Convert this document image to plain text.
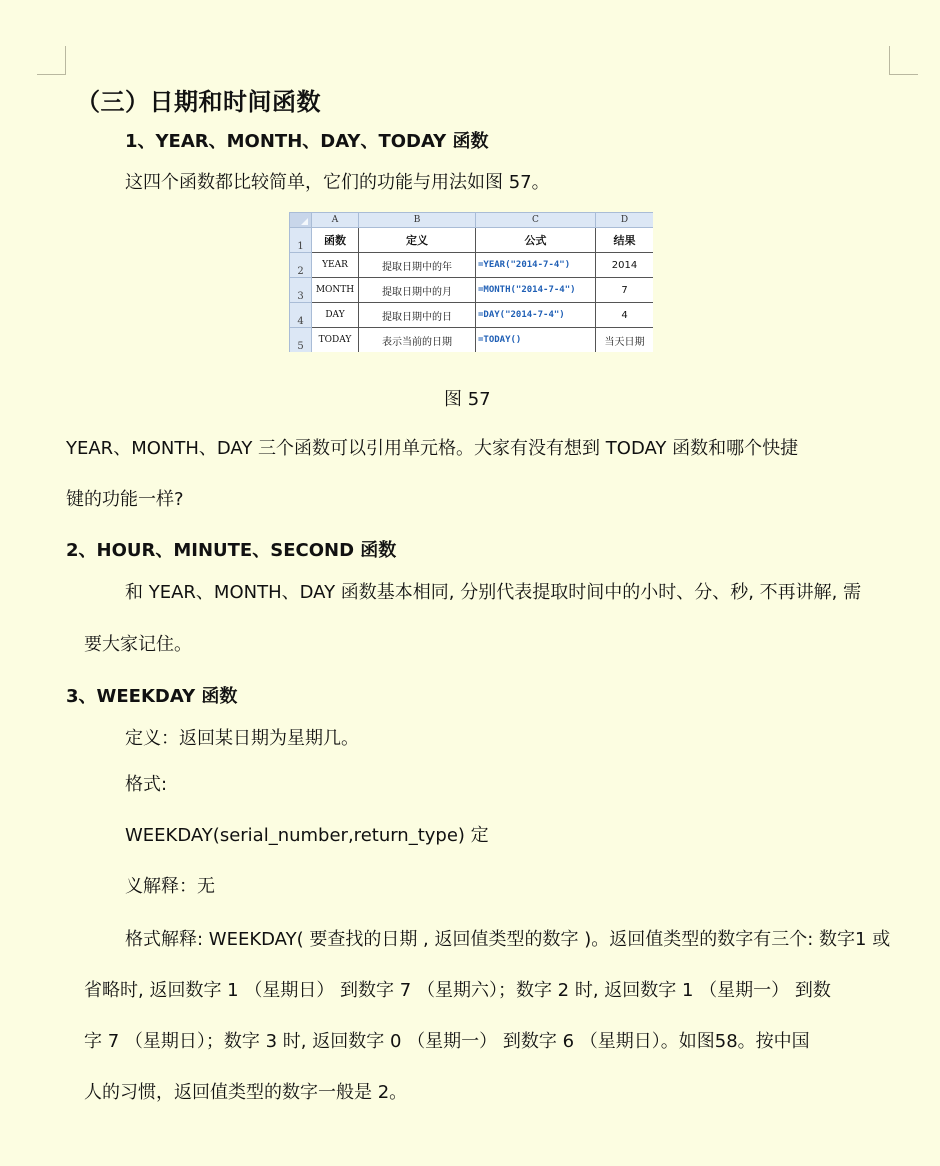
（三）日期和时间函数
1、YEAR、MONTH、DAY、TODAY 函数
这四个函数都比较简单，它们的功能与用法如图 57。
	A	B	C	D
1	函数	定义	公式	结果
2	YEAR	提取日期中的年	=YEAR("2014-7-4")	2014
3	MONTH	提取日期中的月	=MONTH("2014-7-4")	7
4	DAY	提取日期中的日	=DAY("2014-7-4")	4
5	TODAY	表示当前的日期	=TODAY()	当天日期
图 57
YEAR、MONTH、DAY 三个函数可以引用单元格。大家有没有想到 TODAY 函数和哪个快捷
键的功能一样?
2、HOUR、MINUTE、SECOND 函数
和 YEAR、MONTH、DAY 函数基本相同, 分别代表提取时间中的小时、分、秒, 不再讲解, 需
要大家记住。
3、WEEKDAY 函数
定义：返回某日期为星期几。
格式:
WEEKDAY(serial_number,return_type) 定
义解释：无
格式解释: WEEKDAY( 要查找的日期 , 返回值类型的数字 )。返回值类型的数字有三个: 数字1 或
省略时, 返回数字 1 （星期日） 到数字 7 （星期六）；数字 2 时, 返回数字 1 （星期一） 到数
字 7 （星期日）；数字 3 时, 返回数字 0 （星期一） 到数字 6 （星期日）。如图58。按中国
人的习惯，返回值类型的数字一般是 2。
